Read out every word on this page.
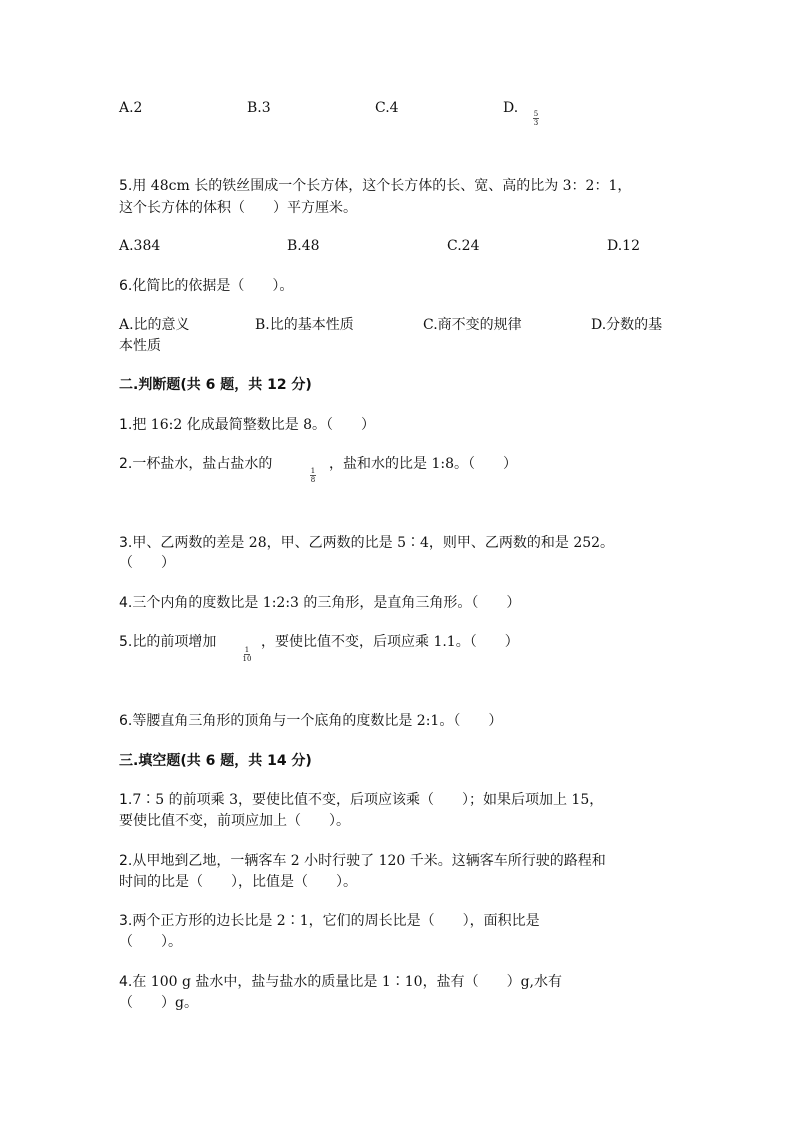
A.2	B.3	C.4	D.	5
3
5.用 48cm 长的铁丝围成一个长方体，这个长方体的长、宽、高的比为 3：2：1，
这个长方体的体积（　　）平方厘米。
A.384	B.48	C.24	D.12
6.化简比的依据是（　　）。
A.比的意义	B.比的基本性质	C.商不变的规律	D.分数的基
本性质
二.判断题(共 6 题，共 12 分)
1.把 16:2 化成最简整数比是 8。（　　）
2.一杯盐水，盐占盐水的	1
8
，盐和水的比是 1:8。（　　）
3.甲、乙两数的差是 28，甲、乙两数的比是 5∶4，则甲、乙两数的和是 252。
（　　）
4.三个内角的度数比是 1:2:3 的三角形，是直角三角形。（　　）
5.比的前项增加	1
10
，要使比值不变，后项应乘 1.1。（　　）
6.等腰直角三角形的顶角与一个底角的度数比是 2:1。（　　）
三.填空题(共 6 题，共 14 分)
1.7∶5 的前项乘 3，要使比值不变，后项应该乘（　　）；如果后项加上 15，
要使比值不变，前项应加上（　　）。
2.从甲地到乙地，一辆客车 2 小时行驶了 120 千米。这辆客车所行驶的路程和
时间的比是（　　），比值是（　　）。
3.两个正方形的边长比是 2∶1，它们的周长比是（　　），面积比是
（　　）。
4.在 100 g 盐水中，盐与盐水的质量比是 1∶10，盐有（　　）g,水有
（　　）g。
